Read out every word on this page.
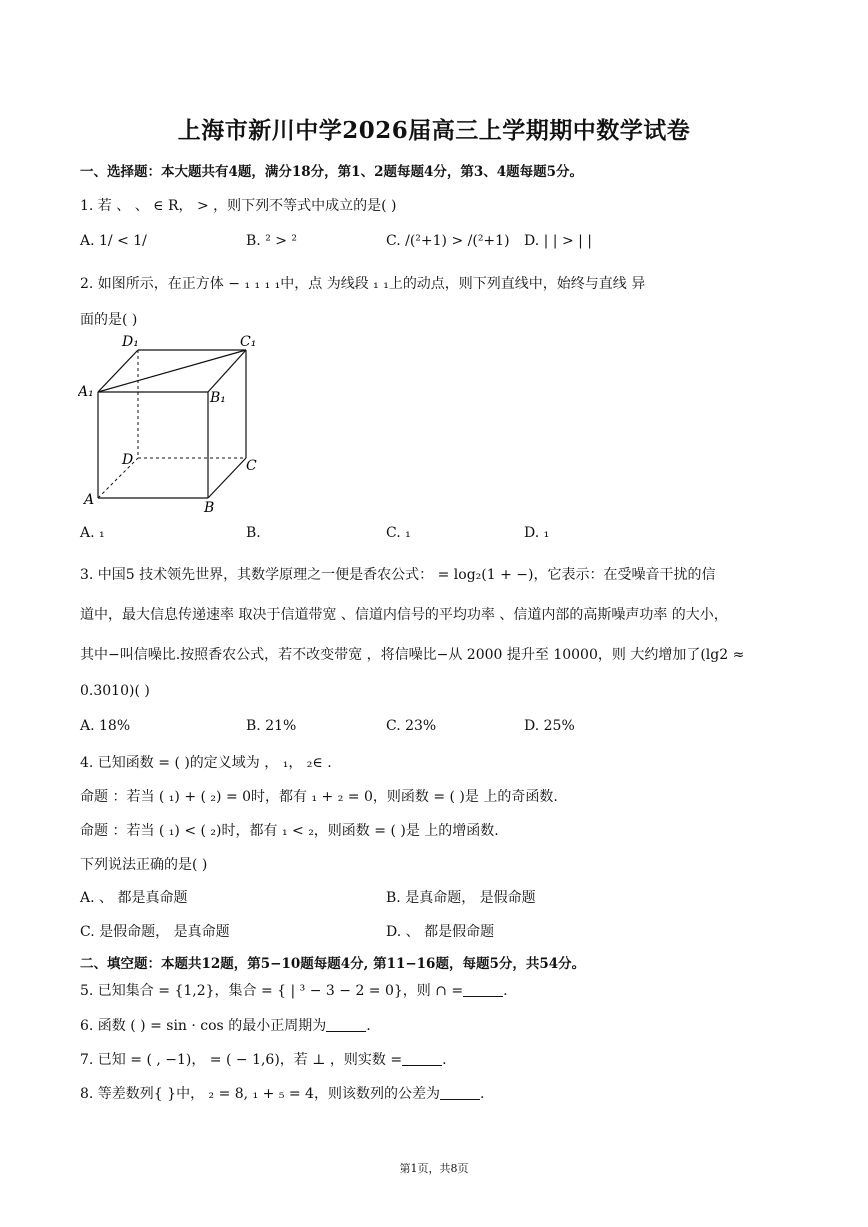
上海市新川中学2026届高三上学期期中数学试卷
一、选择题：本大题共有4题，满分18分，第1、2题每题4分，第3、4题每题5分。
1. 若 、 、 ∈ R， > ，则下列不等式中成立的是( )
A. 1/ < 1/	B. ² > ²	C. /(²+1) > /(²+1) D. | | > | |
2. 如图所示，在正方体 − ₁ ₁ ₁ ₁中，点 为线段 ₁ ₁上的动点，则下列直线中，始终与直线 异
面的是( )
D₁	C₁
A₁	B₁
D	C
A	B
A. ₁	B.	C. ₁	D. ₁
3. 中国5 技术领先世界，其数学原理之一便是香农公式： = log₂(1 + −)，它表示：在受噪音干扰的信
道中，最大信息传递速率 取决于信道带宽 、信道内信号的平均功率 、信道内部的高斯噪声功率 的大小，
其中−叫信噪比.按照香农公式，若不改变带宽 ，将信噪比−从 2000 提升至 10000，则 大约增加了(lg2 ≈
0.3010)( )
A. 18%	B. 21%	C. 23%	D. 25%
4. 已知函数 = ( )的定义域为 ， ₁， ₂∈ .
命题 ：若当 ( ₁) + ( ₂) = 0时，都有 ₁ + ₂ = 0，则函数 = ( )是 上的奇函数.
命题 ：若当 ( ₁) < ( ₂)时，都有 ₁ < ₂，则函数 = ( )是 上的增函数.
下列说法正确的是( )
A. 、 都是真命题	B. 是真命题， 是假命题
C. 是假命题， 是真命题	D. 、 都是假命题
二、填空题：本题共12题，第5−10题每题4分, 第11−16题，每题5分，共54分。
5. 已知集合 = {1,2}，集合 = { | ³ − 3 − 2 = 0}，则 ∩ =	.
6. 函数 ( ) = sin · cos 的最小正周期为	.
7. 已知 = ( , −1)， = ( − 1,6)，若 ⊥ ，则实数 =	.
8. 等差数列{ }中， ₂ = 8, ₁ + ₅ = 4，则该数列的公差为	.
第1页，共8页
